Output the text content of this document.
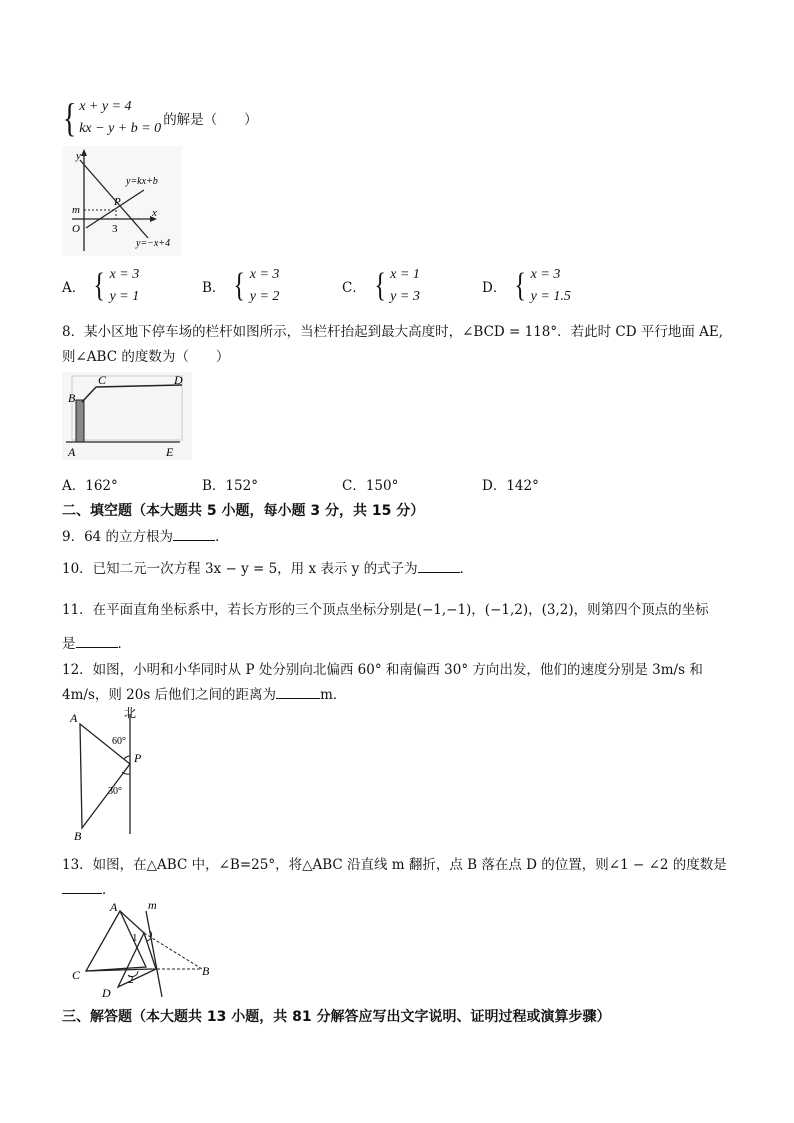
{ x + y = 4
kx − y + b = 0
的解是（　　）
y
x
O
m
P
3
y=kx+b
y=−x+4
A． { x = 3
y = 1
B． { x = 3
y = 2
C． { x = 1
y = 3
D． { x = 3
y = 1.5
8．某小区地下停车场的栏杆如图所示，当栏杆抬起到最大高度时，∠BCD = 118°．若此时 CD 平行地面 AE,
则∠ABC 的度数为（　　）
B
C	D
A	E
A．162°	B．152°	C．150°	D．142°
二、填空题（本大题共 5 小题，每小题 3 分，共 15 分）
9．64 的立方根为	．
10．已知二元一次方程 3x − y = 5，用 x 表示 y 的式子为	．
11．在平面直角坐标系中，若长方形的三个顶点坐标分别是(−1,−1)，(−1,2)，(3,2)，则第四个顶点的坐标
是	．
12．如图，小明和小华同时从 P 处分别向北偏西 60° 和南偏西 30° 方向出发，他们的速度分别是 3m/s 和
4m/s，则 20s 后他们之间的距离为	m．
北
A
P
B
60°
30°
13．如图，在△ABC 中，∠B=25°，将△ABC 沿直线 m 翻折，点 B 落在点 D 的位置，则∠1 − ∠2 的度数是
．
A	m
C	B
D
1
2
三、解答题（本大题共 13 小题，共 81 分解答应写出文字说明、证明过程或演算步骤）
